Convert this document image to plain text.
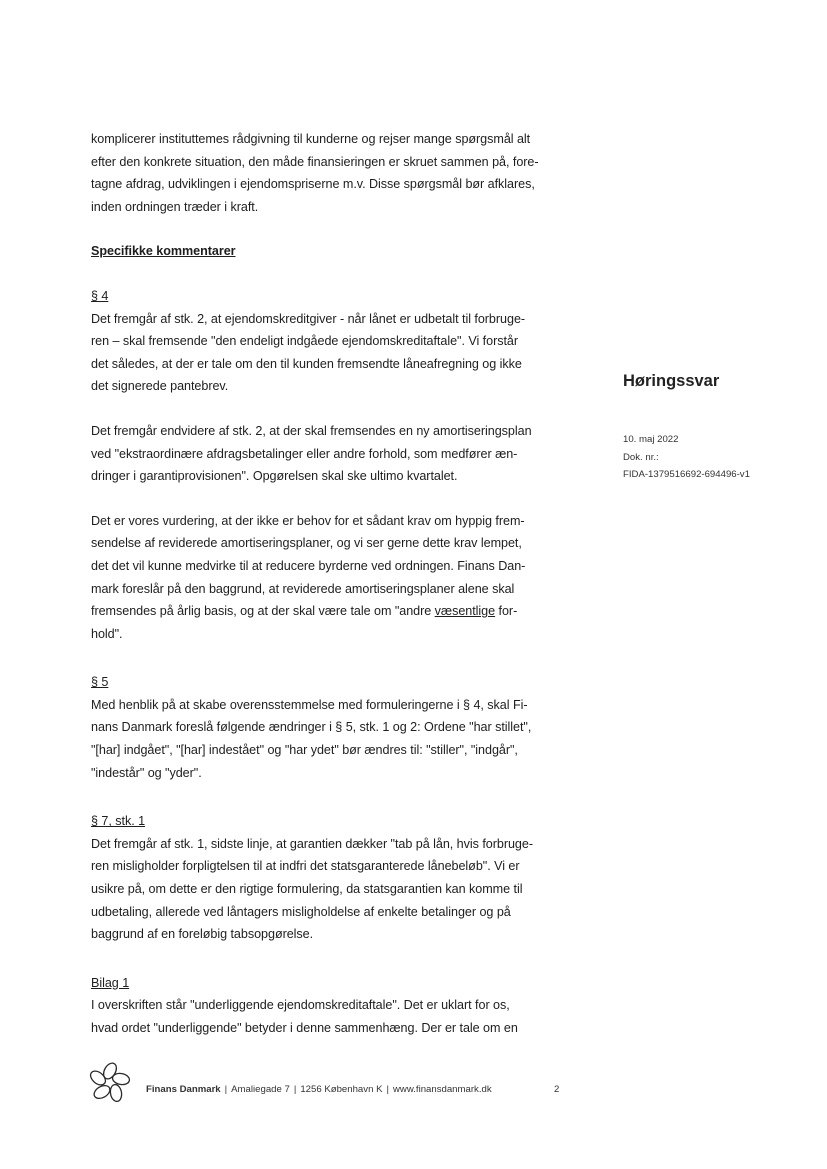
komplicerer instituttemes rådgivning til kunderne og rejser mange spørgsmål alt
efter den konkrete situation, den måde finansieringen er skruet sammen på, fore-
tagne afdrag, udviklingen i ejendomspriserne m.v. Disse spørgsmål bør afklares,
inden ordningen træder i kraft.
Specifikke kommentarer
§ 4
Det fremgår af stk. 2, at ejendomskreditgiver - når lånet er udbetalt til forbruge-
ren – skal fremsende "den endeligt indgåede ejendomskreditaftale". Vi forstår
det således, at der er tale om den til kunden fremsendte låneafregning og ikke
det signerede pantebrev.
Det fremgår endvidere af stk. 2, at der skal fremsendes en ny amortiseringsplan
ved "ekstraordinære afdragsbetalinger eller andre forhold, som medfører æn-
dringer i garantiprovisionen". Opgørelsen skal ske ultimo kvartalet.
Det er vores vurdering, at der ikke er behov for et sådant krav om hyppig frem-
sendelse af reviderede amortiseringsplaner, og vi ser gerne dette krav lempet,
det det vil kunne medvirke til at reducere byrderne ved ordningen. Finans Dan-
mark foreslår på den baggrund, at reviderede amortiseringsplaner alene skal
fremsendes på årlig basis, og at der skal være tale om "andre væsentlige for-
hold".
§ 5
Med henblik på at skabe overensstemmelse med formuleringerne i § 4, skal Fi-
nans Danmark foreslå følgende ændringer i § 5, stk. 1 og 2: Ordene "har stillet",
"[har] indgået", "[har] indestået" og "har ydet" bør ændres til: "stiller", "indgår",
"indestår" og "yder".
§ 7, stk. 1
Det fremgår af stk. 1, sidste linje, at garantien dækker "tab på lån, hvis forbruge-
ren misligholder forpligtelsen til at indfri det statsgaranterede lånebeløb". Vi er
usikre på, om dette er den rigtige formulering, da statsgarantien kan komme til
udbetaling, allerede ved låntagers misligholdelse af enkelte betalinger og på
baggrund af en foreløbig tabsopgørelse.
Bilag 1
I overskriften står "underliggende ejendomskreditaftale". Det er uklart for os,
hvad ordet "underliggende" betyder i denne sammenhæng. Der er tale om en
Høringssvar
10. maj 2022
Dok. nr.:
FIDA-1379516692-694496-v1
Finans Danmark | Amaliegade 7 | 1256 København K | www.finansdanmark.dk	2
